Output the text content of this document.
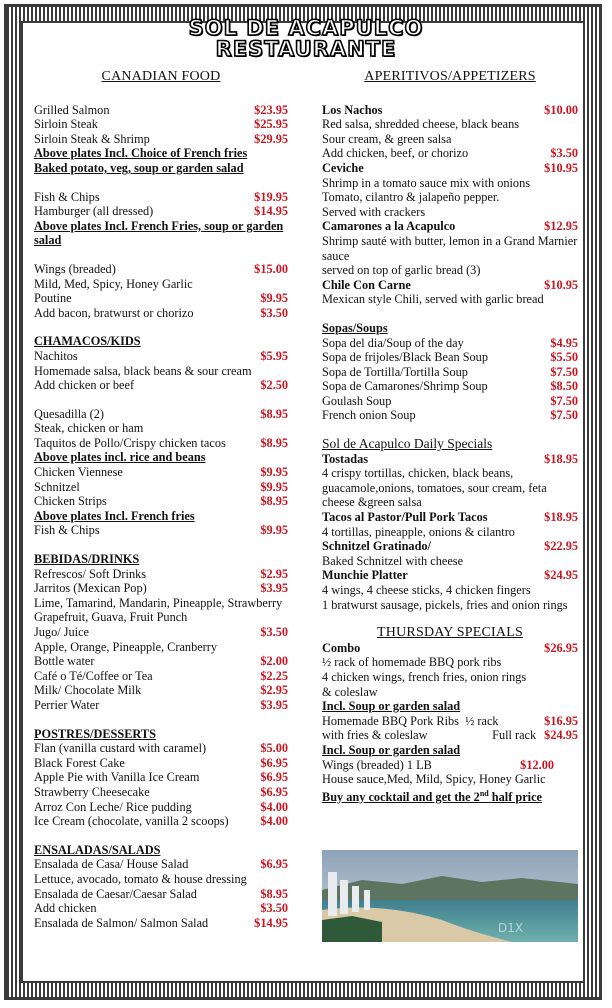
SOL DE ACAPULCO
RESTAURANTE
CANADIAN FOOD
Grilled Salmon	$23.95
Sirloin Steak	$25.95
Sirloin Steak & Shrimp	$29.95
Above plates Incl. Choice of French fries
Baked potato, veg, soup or garden salad
Fish & Chips	$19.95
Hamburger (all dressed)	$14.95
Above plates Incl. French Fries, soup or garden salad
Wings (breaded)	$15.00
Mild, Med, Spicy, Honey Garlic
Poutine	$9.95
Add bacon, bratwurst or chorizo	$3.50
CHAMACOS/KIDS
Nachitos	$5.95
Homemade salsa, black beans & sour cream
Add chicken or beef	$2.50
Quesadilla (2)	$8.95
Steak, chicken or ham
Taquitos de Pollo/Crispy chicken tacos	$8.95
Above plates incl. rice and beans
Chicken Viennese	$9.95
Schnitzel	$9.95
Chicken Strips	$8.95
Above plates Incl. French fries
Fish & Chips	$9.95
BEBIDAS/DRINKS
Refrescos/ Soft Drinks	$2.95
Jarritos (Mexican Pop)	$3.95
Lime, Tamarind, Mandarin, Pineapple, Strawberry
Grapefruit, Guava, Fruit Punch
Jugo/ Juice	$3.50
Apple, Orange, Pineapple, Cranberry
Bottle water	$2.00
Café o Té/Coffee or Tea	$2.25
Milk/ Chocolate Milk	$2.95
Perrier Water	$3.95
POSTRES/DESSERTS
Flan (vanilla custard with caramel)	$5.00
Black Forest Cake	$6.95
Apple Pie with Vanilla Ice Cream	$6.95
Strawberry Cheesecake	$6.95
Arroz Con Leche/ Rice pudding	$4.00
Ice Cream (chocolate, vanilla 2 scoops)	$4.00
ENSALADAS/SALADS
Ensalada de Casa/ House Salad	$6.95
Lettuce, avocado, tomato & house dressing
Ensalada de Caesar/Caesar Salad	$8.95
Add chicken	$3.50
Ensalada de Salmon/ Salmon Salad	$14.95
APERITIVOS/APPETIZERS
Los Nachos	$10.00
Red salsa, shredded cheese, black beans
Sour cream, & green salsa
Add chicken, beef, or chorizo	$3.50
Ceviche	$10.95
Shrimp in a tomato sauce mix with onions
Tomato, cilantro & jalapeño pepper.
Served with crackers
Camarones a la Acapulco	$12.95
Shrimp sauté with butter, lemon in a Grand Marnier sauce
served on top of garlic bread (3)
Chile Con Carne	$10.95
Mexican style Chili, served with garlic bread
Sopas/Soups
Sopa del dia/Soup of the day	$4.95
Sopa de frijoles/Black Bean Soup	$5.50
Sopa de Tortilla/Tortilla Soup	$7.50
Sopa de Camarones/Shrimp Soup	$8.50
Goulash Soup	$7.50
French onion Soup	$7.50
Sol de Acapulco Daily Specials
Tostadas	$18.95
4 crispy tortillas, chicken, black beans, guacamole,onions, tomatoes, sour cream, feta cheese &green salsa
Tacos al Pastor/Pull Pork Tacos	$18.95
4 tortillas, pineapple, onions & cilantro
Schnitzel Gratinado/	$22.95
Baked Schnitzel with cheese
Munchie Platter	$24.95
4 wings, 4 cheese sticks, 4 chicken fingers
1 bratwurst sausage, pickels, fries and onion rings
THURSDAY SPECIALS
Combo	$26.95
½ rack of homemade BBQ pork ribs
4 chicken wings, french fries, onion rings
& coleslaw
Incl. Soup or garden salad
Homemade BBQ Pork Ribs  ½ rack	$16.95
with fries & coleslaw	Full rack $24.95
Incl. Soup or garden salad
Wings (breaded) 1 LB	$12.00
House sauce,Med, Mild, Spicy, Honey Garlic
Buy any cocktail and get the 2nd half price
D1X
